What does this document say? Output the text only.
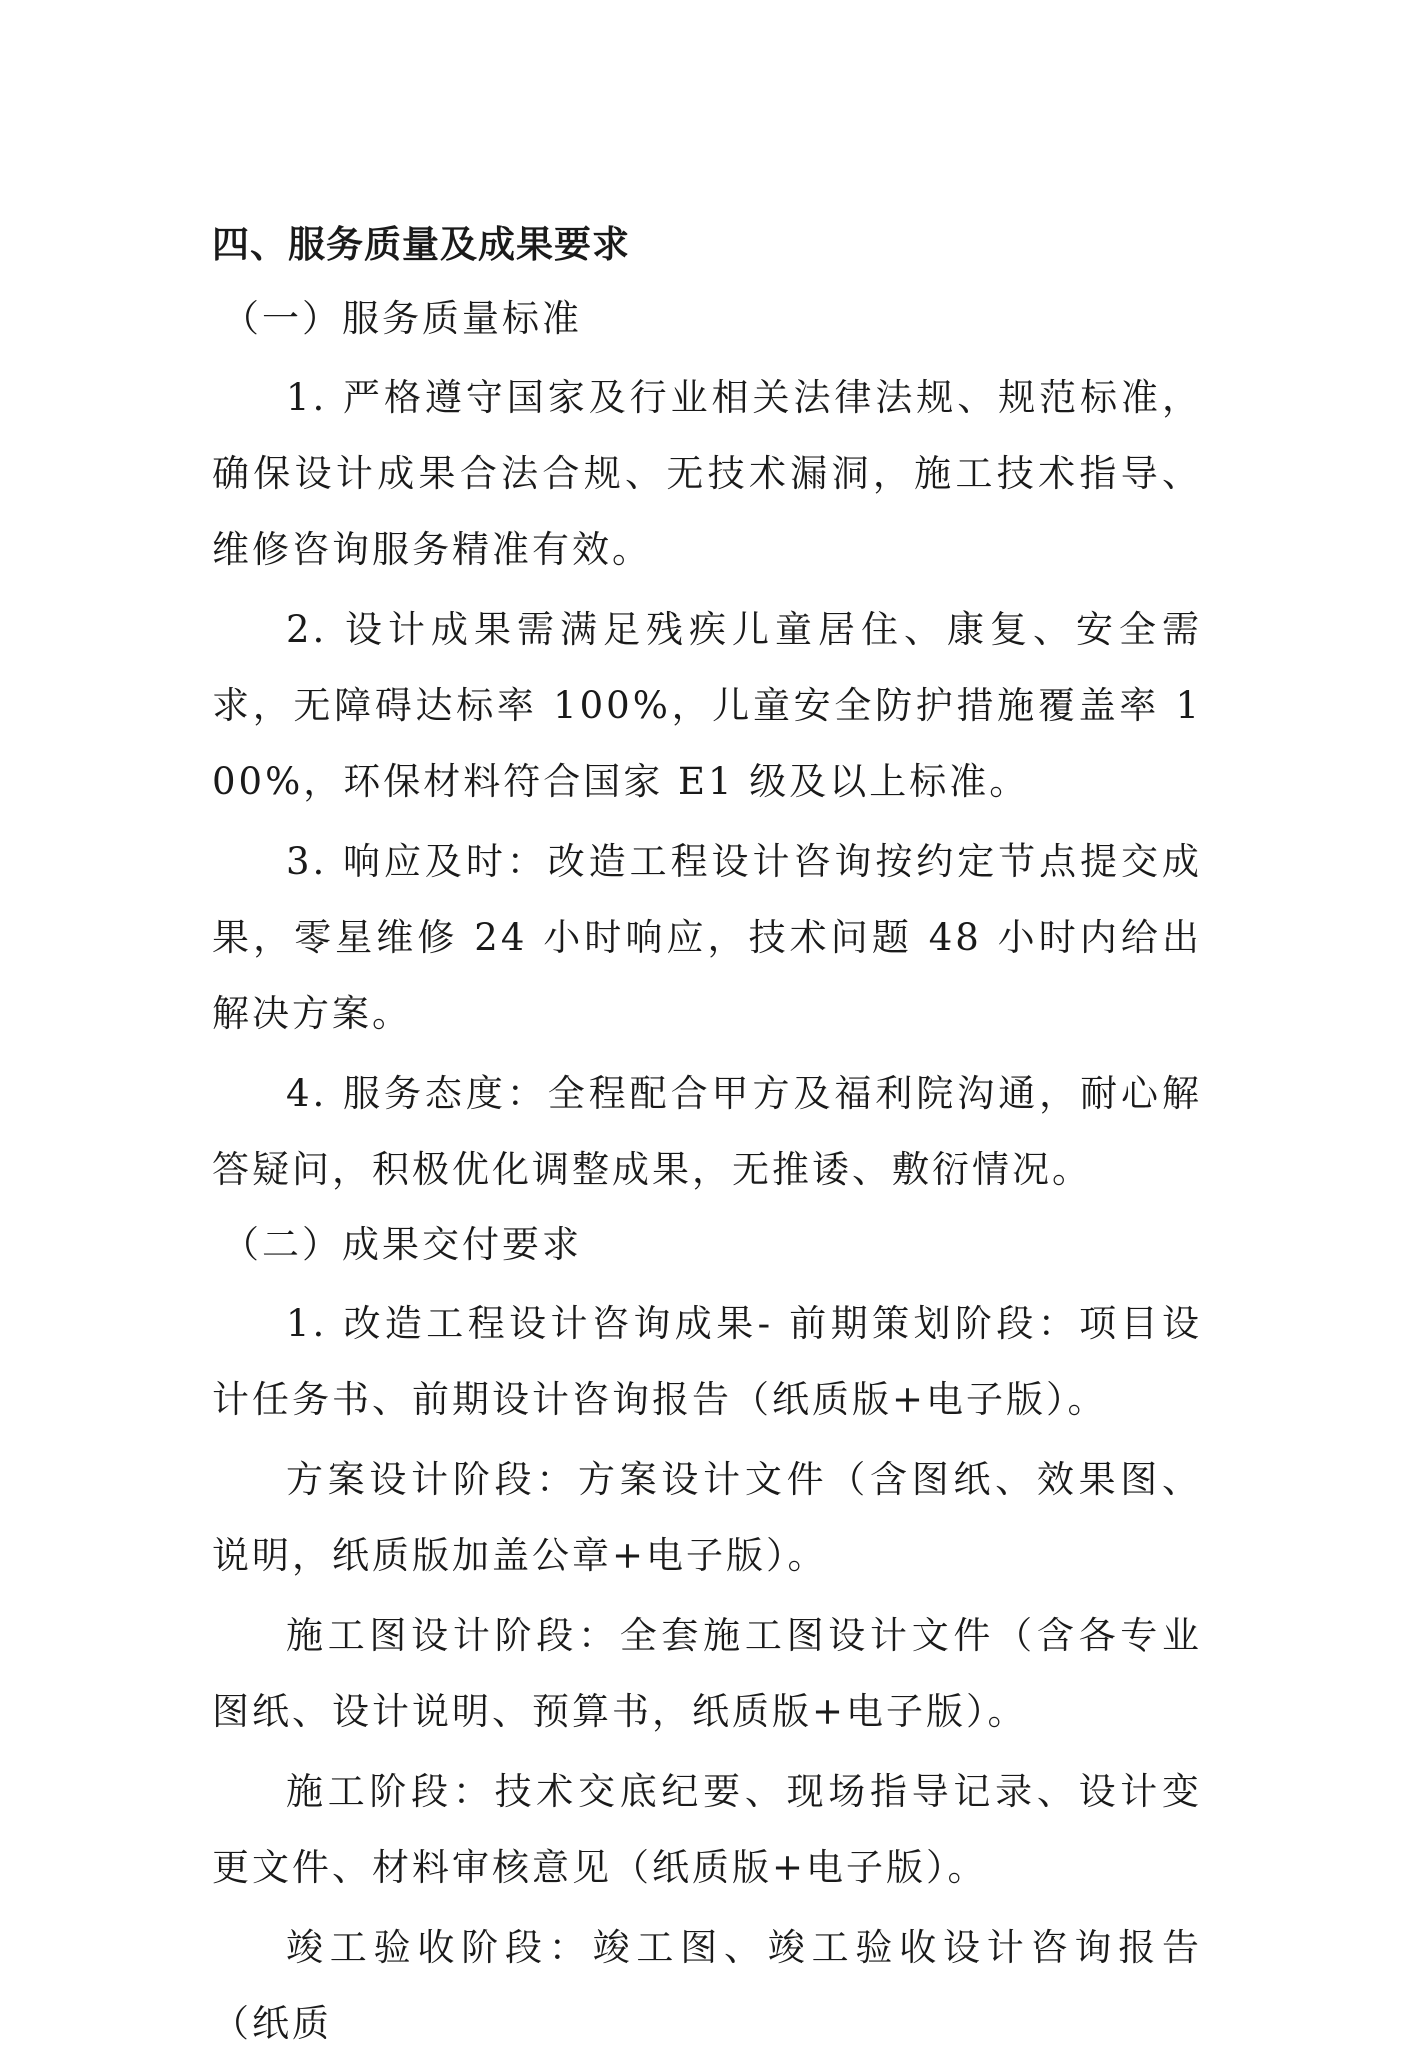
四、服务质量及成果要求
（一）服务质量标准

1. 严格遵守国家及行业相关法律法规、规范标准，确保设计成果合法合规、无技术漏洞，施工技术指导、维修咨询服务精准有效。

2. 设计成果需满足残疾儿童居住、康复、安全需求，无障碍达标率 100%，儿童安全防护措施覆盖率 100%，环保材料符合国家 E1 级及以上标准。

3. 响应及时：改造工程设计咨询按约定节点提交成果，零星维修 24 小时响应，技术问题 48 小时内给出解决方案。

4. 服务态度：全程配合甲方及福利院沟通，耐心解答疑问，积极优化调整成果，无推诿、敷衍情况。

（二）成果交付要求

1. 改造工程设计咨询成果- 前期策划阶段：项目设计任务书、前期设计咨询报告（纸质版+电子版）。

方案设计阶段：方案设计文件（含图纸、效果图、说明，纸质版加盖公章+电子版）。

施工图设计阶段：全套施工图设计文件（含各专业图纸、设计说明、预算书，纸质版+电子版）。

施工阶段：技术交底纪要、现场指导记录、设计变更文件、材料审核意见（纸质版+电子版）。

竣工验收阶段：竣工图、竣工验收设计咨询报告（纸质
